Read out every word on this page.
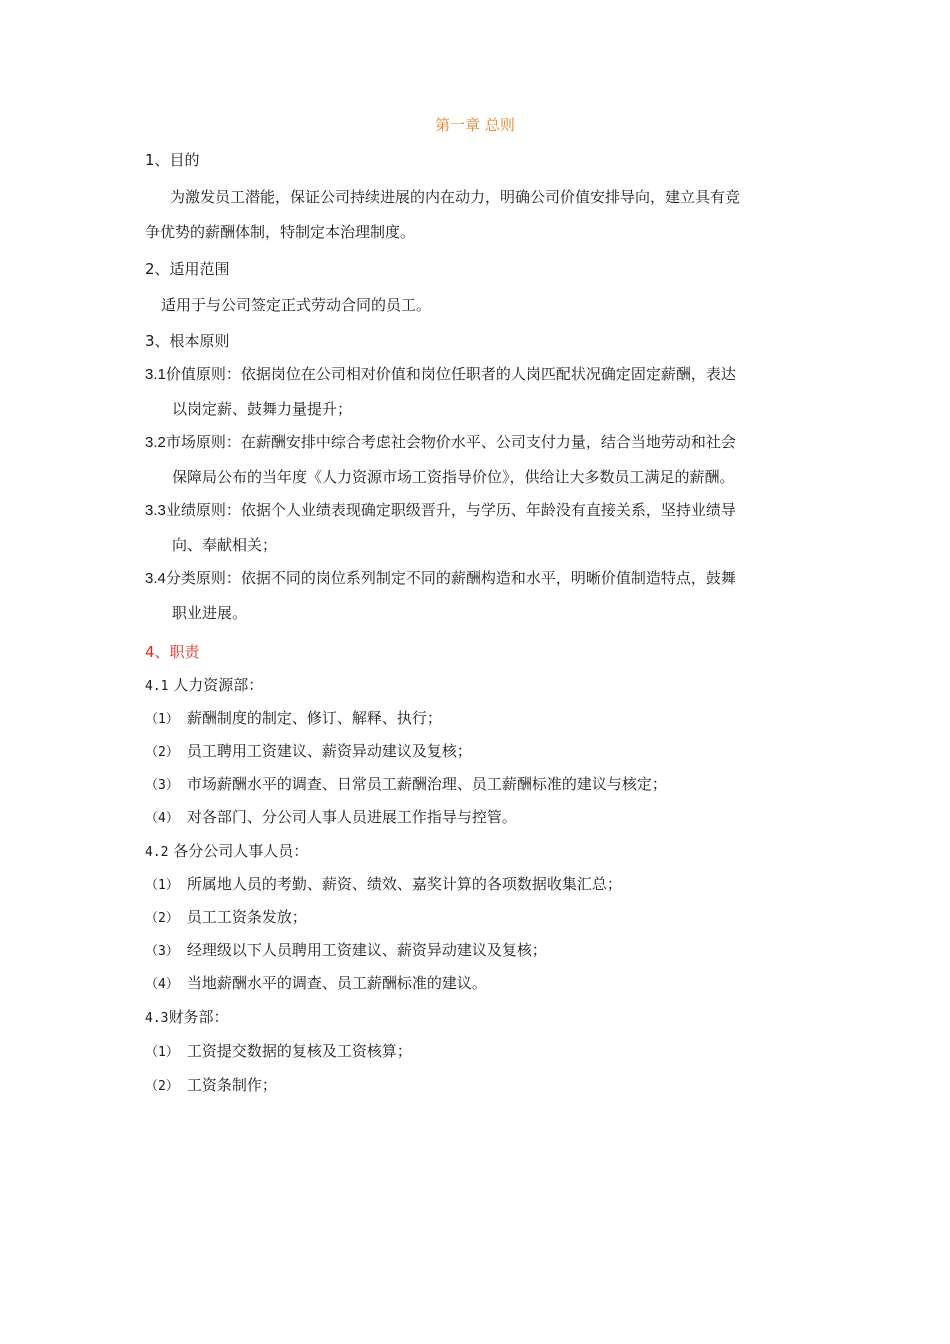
第一章 总则
1、目的
为激发员工潜能，保证公司持续进展的内在动力，明确公司价值安排导向，建立具有竞
争优势的薪酬体制，特制定本治理制度。
2、适用范围
适用于与公司签定正式劳动合同的员工。
3、根本原则
3.1价值原则：依据岗位在公司相对价值和岗位任职者的人岗匹配状况确定固定薪酬，表达
以岗定薪、鼓舞力量提升；
3.2市场原则：在薪酬安排中综合考虑社会物价水平、公司支付力量，结合当地劳动和社会
保障局公布的当年度《人力资源市场工资指导价位》，供给让大多数员工满足的薪酬。
3.3业绩原则：依据个人业绩表现确定职级晋升，与学历、年龄没有直接关系，坚持业绩导
向、奉献相关；
3.4分类原则：依据不同的岗位系列制定不同的薪酬构造和水平，明晰价值制造特点，鼓舞
职业进展。
4、职责
4.1 人力资源部：
（1） 薪酬制度的制定、修订、解释、执行；
（2） 员工聘用工资建议、薪资异动建议及复核；
（3） 市场薪酬水平的调查、日常员工薪酬治理、员工薪酬标准的建议与核定；
（4） 对各部门、分公司人事人员进展工作指导与控管。
4.2 各分公司人事人员：
（1） 所属地人员的考勤、薪资、绩效、嘉奖计算的各项数据收集汇总；
（2） 员工工资条发放；
（3） 经理级以下人员聘用工资建议、薪资异动建议及复核；
（4） 当地薪酬水平的调查、员工薪酬标准的建议。
4.3财务部：
（1） 工资提交数据的复核及工资核算；
（2） 工资条制作；
